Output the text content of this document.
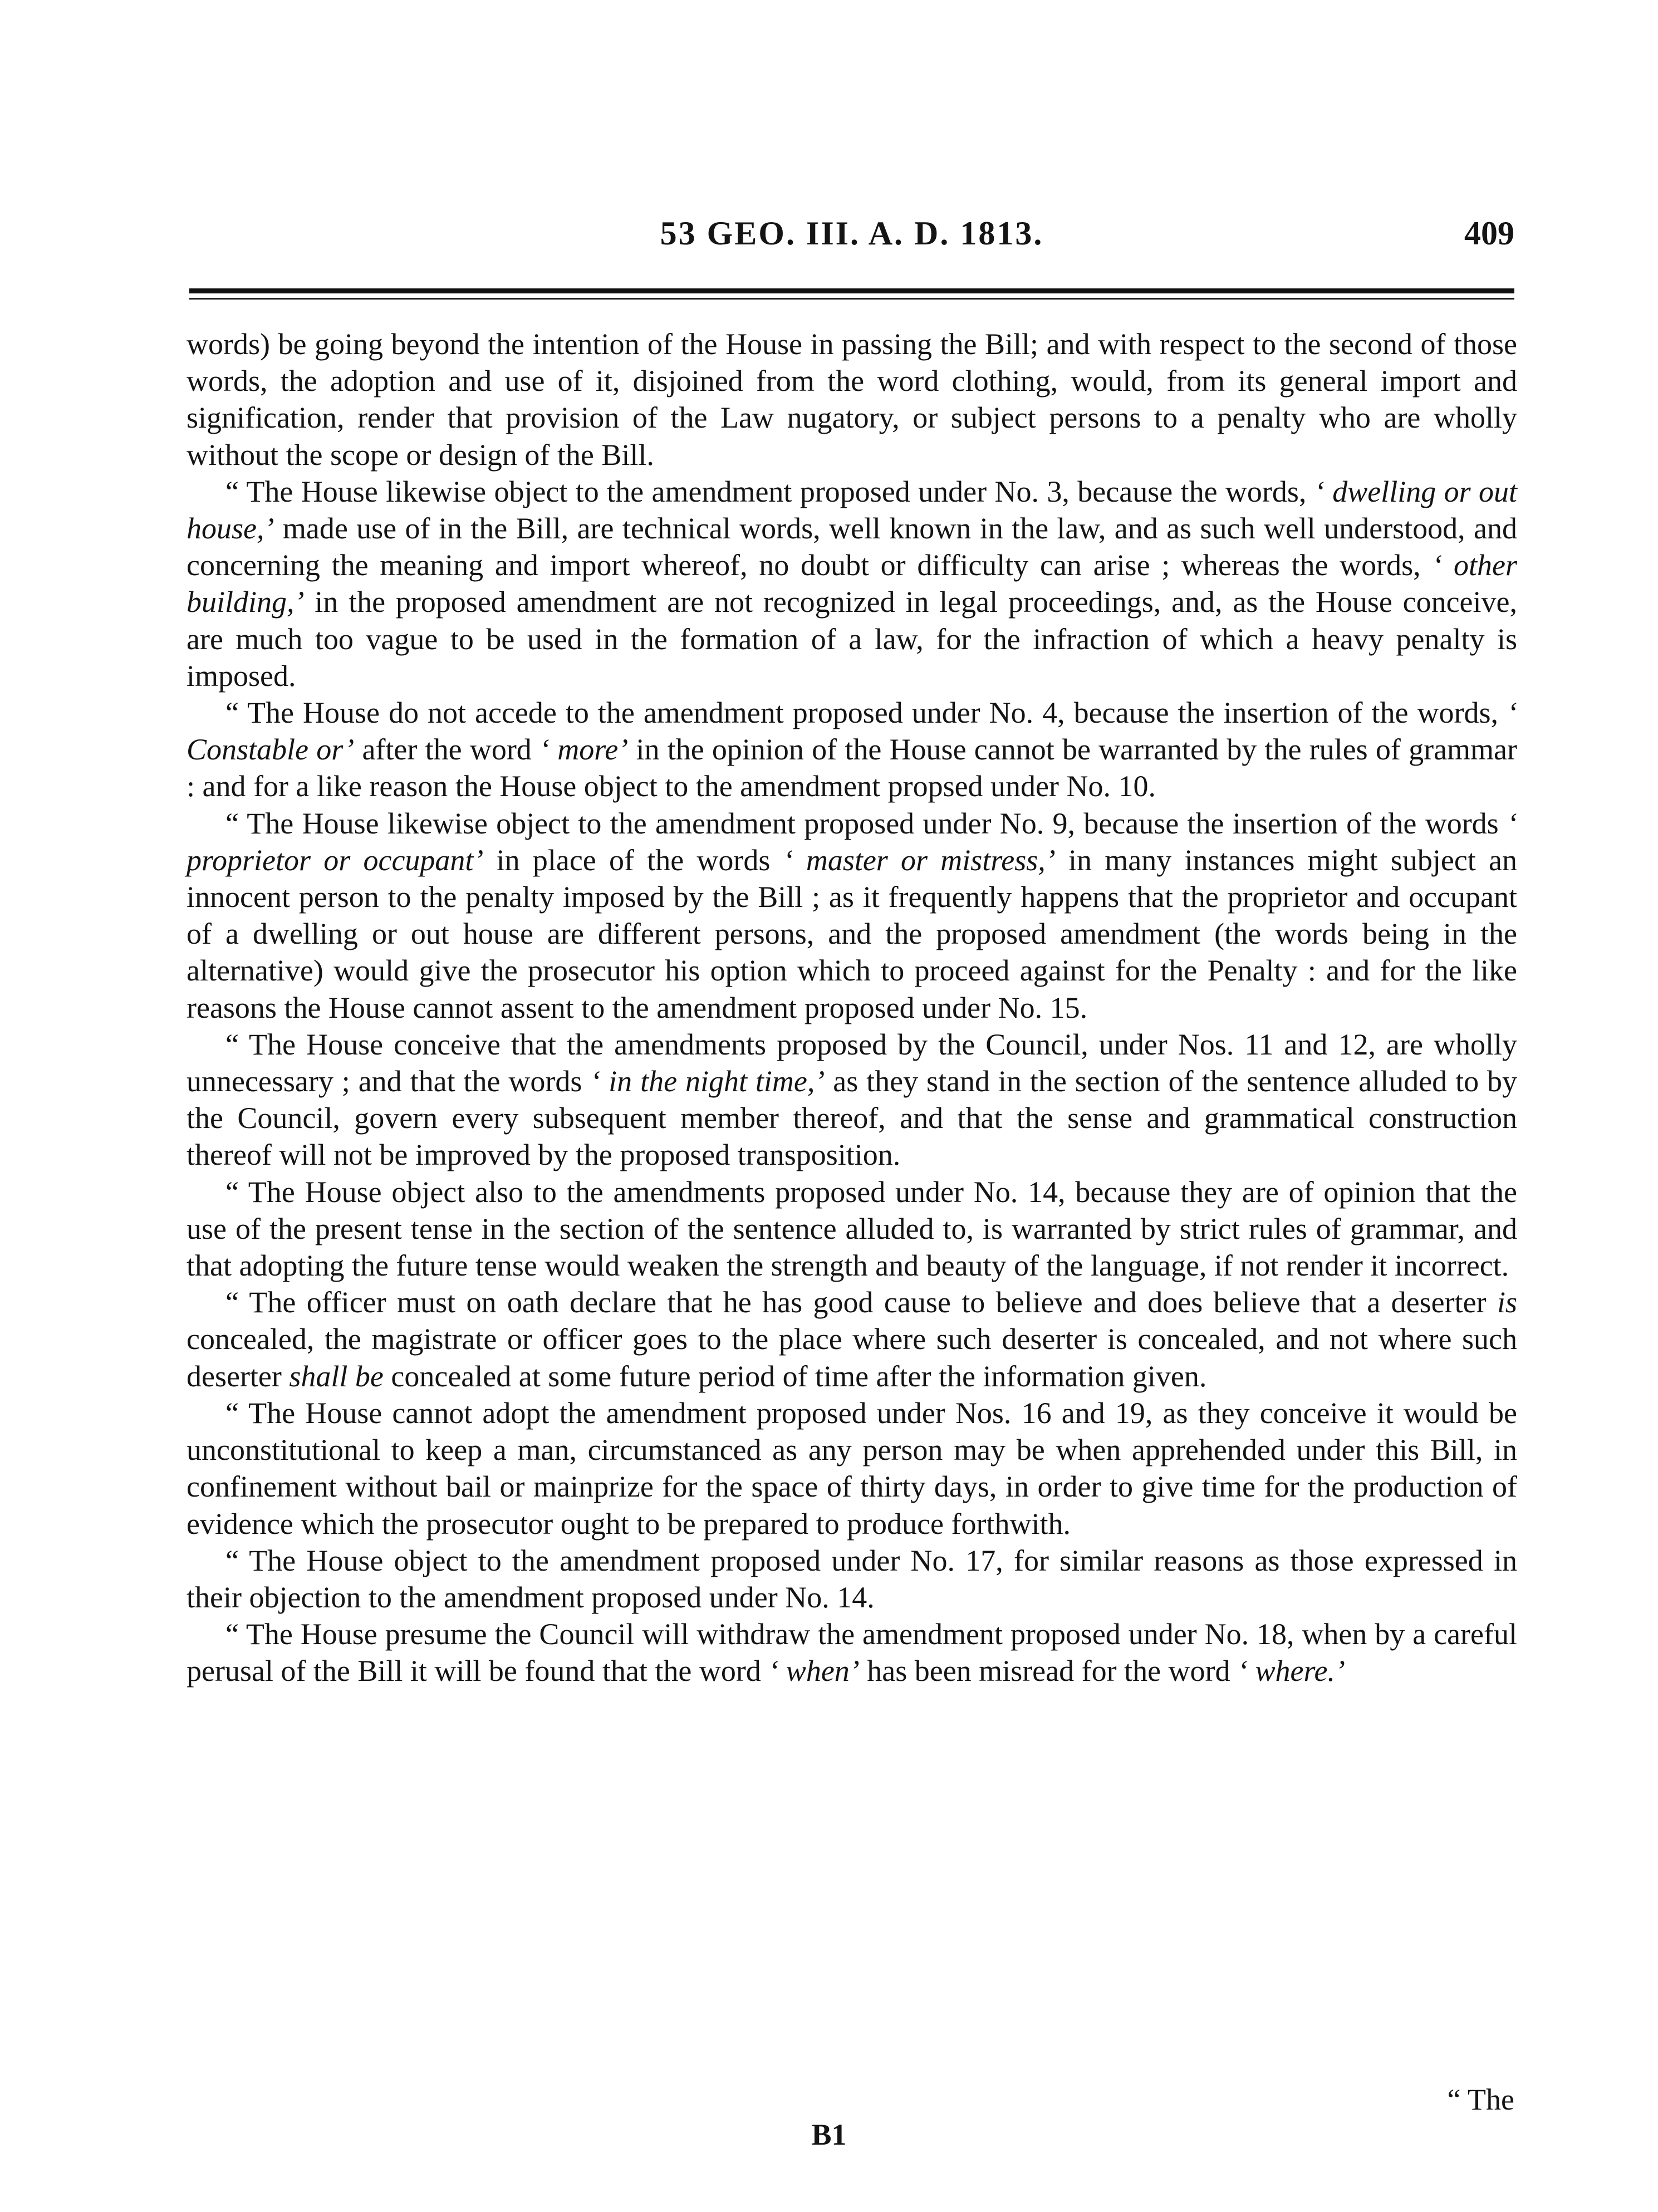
53 GEO. III. A. D. 1813.	409

words) be going beyond the intention of the House in passing the Bill; and with respect to the second of those words, the adoption and use of it, disjoined from the word clothing, would, from its general import and signification, render that provision of the Law nugatory, or subject persons to a penalty who are wholly without the scope or design of the Bill.

“ The House likewise object to the amendment proposed under No. 3, because the words, ‘ dwelling or out house,’ made use of in the Bill, are technical words, well known in the law, and as such well understood, and concerning the meaning and import whereof, no doubt or difficulty can arise ; whereas the words, ‘ other building,’ in the proposed amendment are not recognized in legal proceedings, and, as the House conceive, are much too vague to be used in the formation of a law, for the infraction of which a heavy penalty is imposed.

“ The House do not accede to the amendment proposed under No. 4, because the insertion of the words, ‘ Constable or’ after the word ‘ more’ in the opinion of the House cannot be warranted by the rules of grammar : and for a like reason the House object to the amendment propsed under No. 10.

“ The House likewise object to the amendment proposed under No. 9, because the insertion of the words ‘ proprietor or occupant’ in place of the words ‘ master or mistress,’ in many instances might subject an innocent person to the penalty imposed by the Bill ; as it frequently happens that the proprietor and occupant of a dwelling or out house are different persons, and the proposed amendment (the words being in the alternative) would give the prosecutor his option which to proceed against for the Penalty : and for the like reasons the House cannot assent to the amendment proposed under No. 15.

“ The House conceive that the amendments proposed by the Council, under Nos. 11 and 12, are wholly unnecessary ; and that the words ‘ in the night time,’ as they stand in the section of the sentence alluded to by the Council, govern every subsequent member thereof, and that the sense and grammatical construction thereof will not be improved by the proposed transposition.

“ The House object also to the amendments proposed under No. 14, because they are of opinion that the use of the present tense in the section of the sentence alluded to, is warranted by strict rules of grammar, and that adopting the future tense would weaken the strength and beauty of the language, if not render it incorrect.

“ The officer must on oath declare that he has good cause to believe and does believe that a deserter is concealed, the magistrate or officer goes to the place where such deserter is concealed, and not where such deserter shall be concealed at some future period of time after the information given.

“ The House cannot adopt the amendment proposed under Nos. 16 and 19, as they conceive it would be unconstitutional to keep a man, circumstanced as any person may be when apprehended under this Bill, in confinement without bail or mainprize for the space of thirty days, in order to give time for the production of evidence which the prosecutor ought to be prepared to produce forthwith.

“ The House object to the amendment proposed under No. 17, for similar reasons as those expressed in their objection to the amendment proposed under No. 14.

“ The House presume the Council will withdraw the amendment proposed under No. 18, when by a careful perusal of the Bill it will be found that the word ‘ when’ has been misread for the word ‘ where.’

“ The
B1
